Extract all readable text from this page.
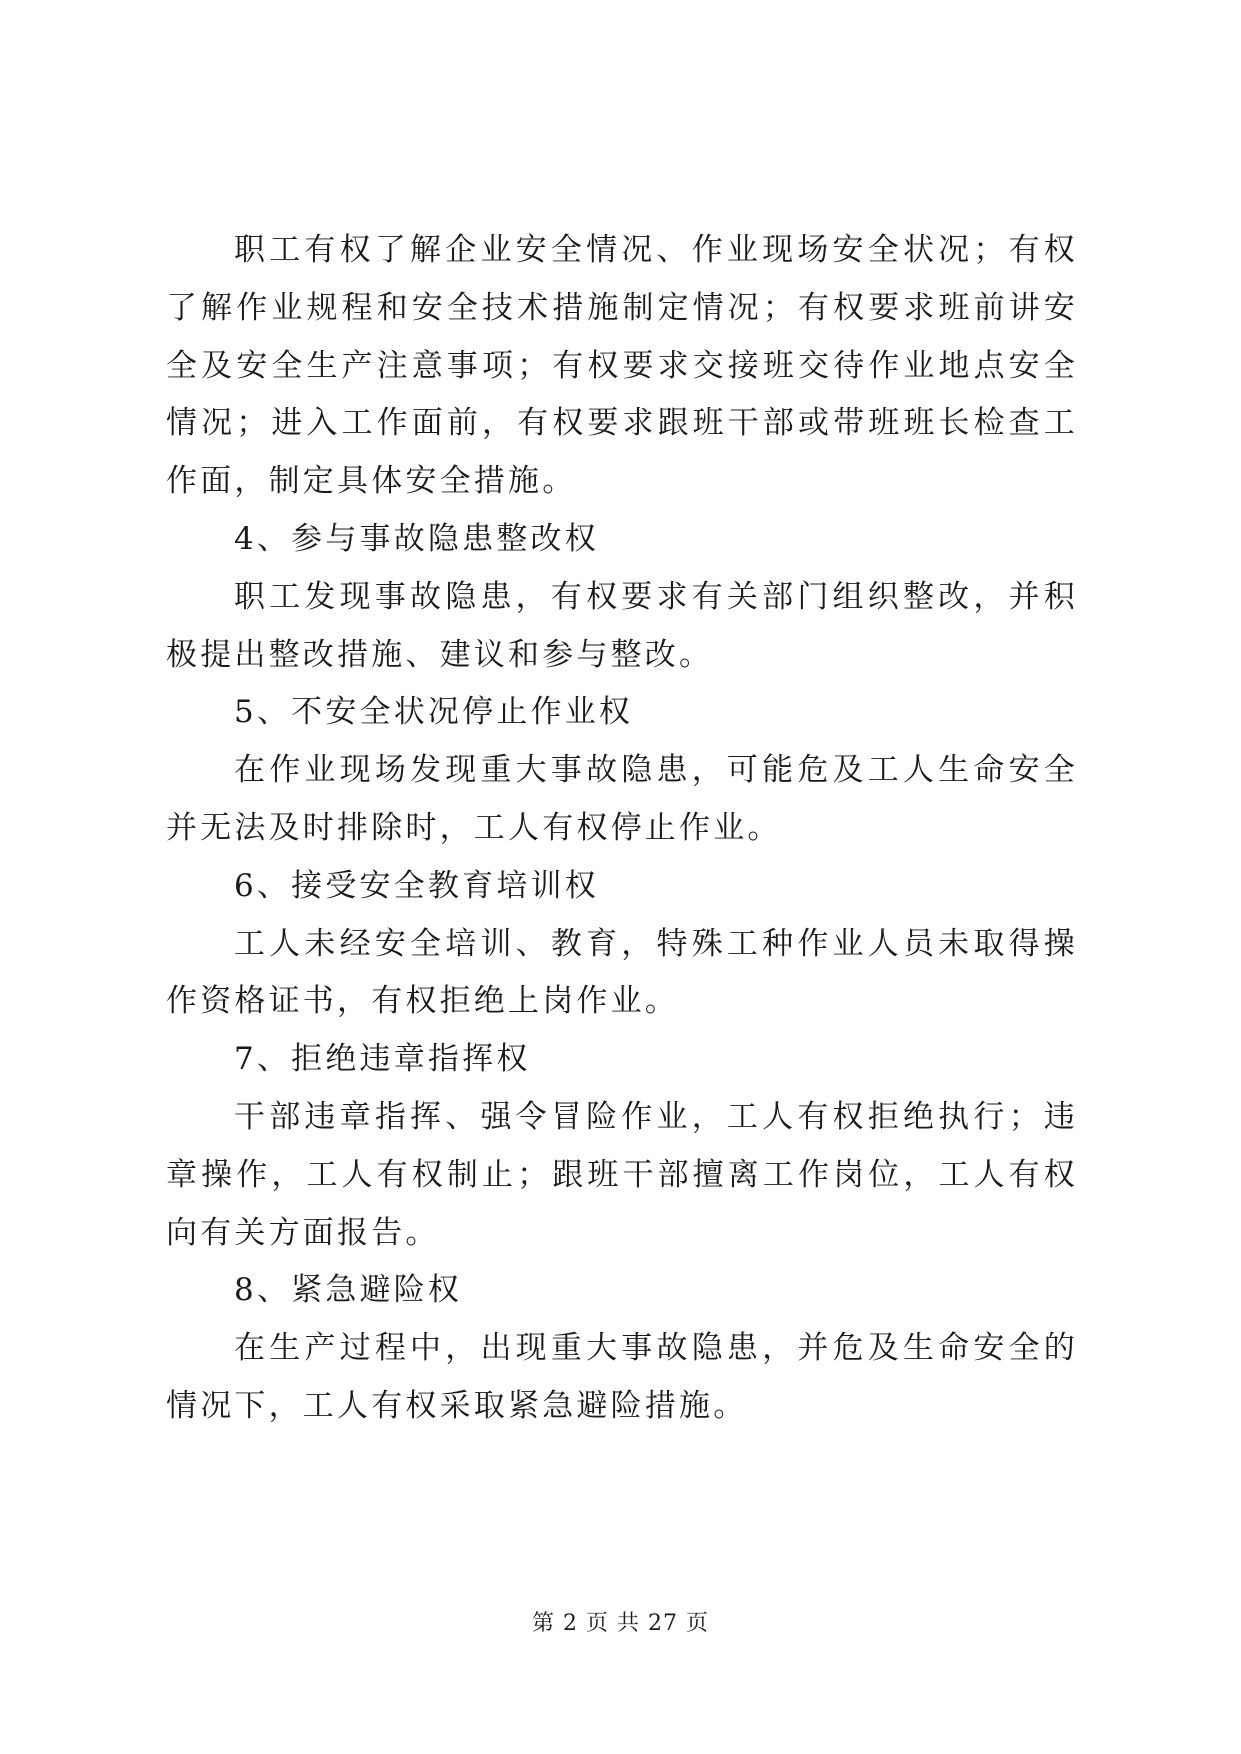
职工有权了解企业安全情况、作业现场安全状况；有权了解作业规程和安全技术措施制定情况；有权要求班前讲安全及安全生产注意事项；有权要求交接班交待作业地点安全情况；进入工作面前，有权要求跟班干部或带班班长检查工作面，制定具体安全措施。

4、参与事故隐患整改权

职工发现事故隐患，有权要求有关部门组织整改，并积极提出整改措施、建议和参与整改。

5、不安全状况停止作业权

在作业现场发现重大事故隐患，可能危及工人生命安全并无法及时排除时，工人有权停止作业。

6、接受安全教育培训权

工人未经安全培训、教育，特殊工种作业人员未取得操作资格证书，有权拒绝上岗作业。

7、拒绝违章指挥权

干部违章指挥、强令冒险作业，工人有权拒绝执行；违章操作，工人有权制止；跟班干部擅离工作岗位，工人有权向有关方面报告。

8、紧急避险权

在生产过程中，出现重大事故隐患，并危及生命安全的情况下，工人有权采取紧急避险措施。

第 2 页 共 27 页
